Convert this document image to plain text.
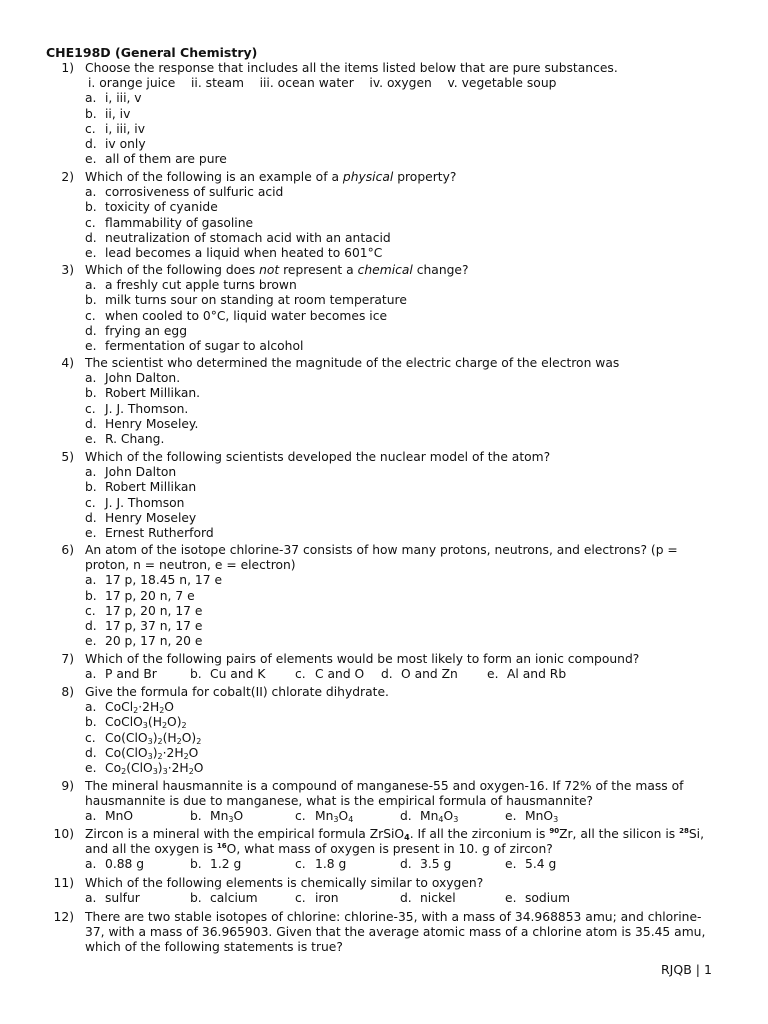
CHE198D (General Chemistry)
1) Choose the response that includes all the items listed below that are pure substances.
i. orange juice    ii. steam    iii. ocean water    iv. oxygen    v. vegetable soup
a. i, iii, v
b. ii, iv
c. i, iii, iv
d. iv only
e. all of them are pure
2) Which of the following is an example of a physical property?
a. corrosiveness of sulfuric acid
b. toxicity of cyanide
c. flammability of gasoline
d. neutralization of stomach acid with an antacid
e. lead becomes a liquid when heated to 601°C
3) Which of the following does not represent a chemical change?
a. a freshly cut apple turns brown
b. milk turns sour on standing at room temperature
c. when cooled to 0°C, liquid water becomes ice
d. frying an egg
e. fermentation of sugar to alcohol
4) The scientist who determined the magnitude of the electric charge of the electron was
a. John Dalton.
b. Robert Millikan.
c. J. J. Thomson.
d. Henry Moseley.
e. R. Chang.
5) Which of the following scientists developed the nuclear model of the atom?
a. John Dalton
b. Robert Millikan
c. J. J. Thomson
d. Henry Moseley
e. Ernest Rutherford
6) An atom of the isotope chlorine-37 consists of how many protons, neutrons, and electrons? (p =
proton, n = neutron, e = electron)
a. 17 p, 18.45 n, 17 e
b. 17 p, 20 n, 7 e
c. 17 p, 20 n, 17 e
d. 17 p, 37 n, 17 e
e. 20 p, 17 n, 20 e
7) Which of the following pairs of elements would be most likely to form an ionic compound?
a. P and Br	b. Cu and K c. C and O d. O and Zn e. Al and Rb
8) Give the formula for cobalt(II) chlorate dihydrate.
a. $CoCl_2\cdot 2H_2O$
b. $CoClO_3(H_2O)_2$
c. $Co(ClO_3)_2(H_2O)_2$
d. $Co(ClO_3)_2\cdot 2H_2O$
e. $Co_2(ClO_3)_3\cdot 2H_2O$
9) The mineral hausmannite is a compound of manganese-55 and oxygen-16. If 72% of the mass of
hausmannite is due to manganese, what is the empirical formula of hausmannite?
a. MnO	b. $Mn_3O$	c. $Mn_3O_4$	d. $Mn_4O_3$	e. MnO$_3$
10) Zircon is a mineral with the empirical formula ZrSiO$_4$. If all the zirconium is $^{90}$Zr, all the silicon is $^{28}$Si,
and all the oxygen is $^{16}$O, what mass of oxygen is present in 10. g of zircon?
a. 0.88 g	b. 1.2 g	c. 1.8 g	d. 3.5 g	e. 5.4 g
11) Which of the following elements is chemically similar to oxygen?
a. sulfur	b. calcium	c. iron	d. nickel	e. sodium
12) There are two stable isotopes of chlorine: chlorine-35, with a mass of 34.968853 amu; and chlorine-
37, with a mass of 36.965903. Given that the average atomic mass of a chlorine atom is 35.45 amu,
which of the following statements is true?
RJQB | 1
